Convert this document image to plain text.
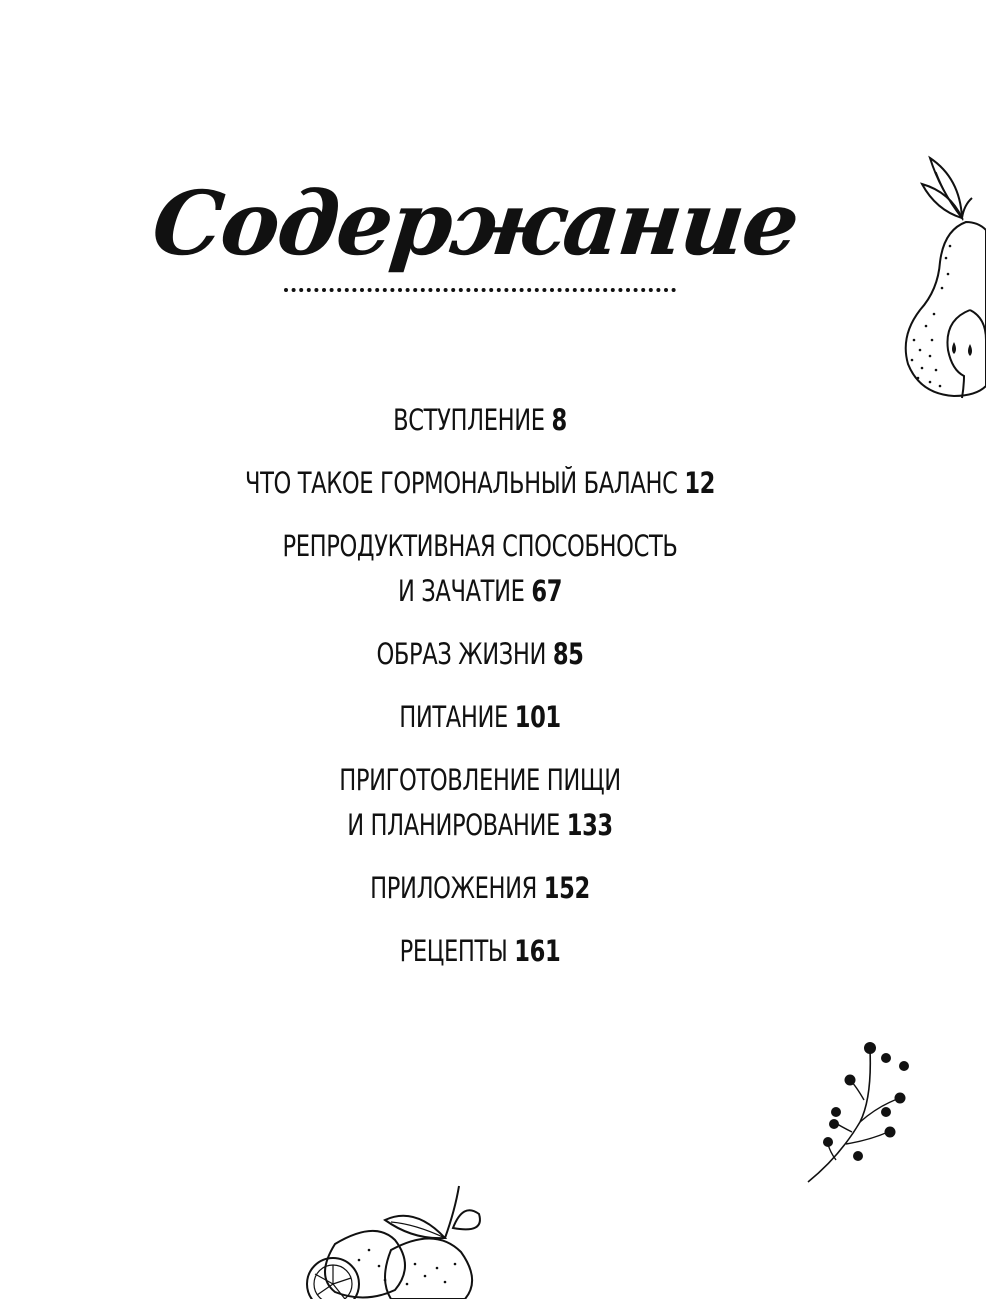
Содержание
ВСТУПЛЕНИЕ 8
ЧТО ТАКОЕ ГОРМОНАЛЬНЫЙ БАЛАНС 12
РЕПРОДУКТИВНАЯ СПОСОБНОСТЬ
И ЗАЧАТИЕ 67
ОБРАЗ ЖИЗНИ 85
ПИТАНИЕ 101
ПРИГОТОВЛЕНИЕ ПИЩИ
И ПЛАНИРОВАНИЕ 133
ПРИЛОЖЕНИЯ 152
РЕЦЕПТЫ 161
